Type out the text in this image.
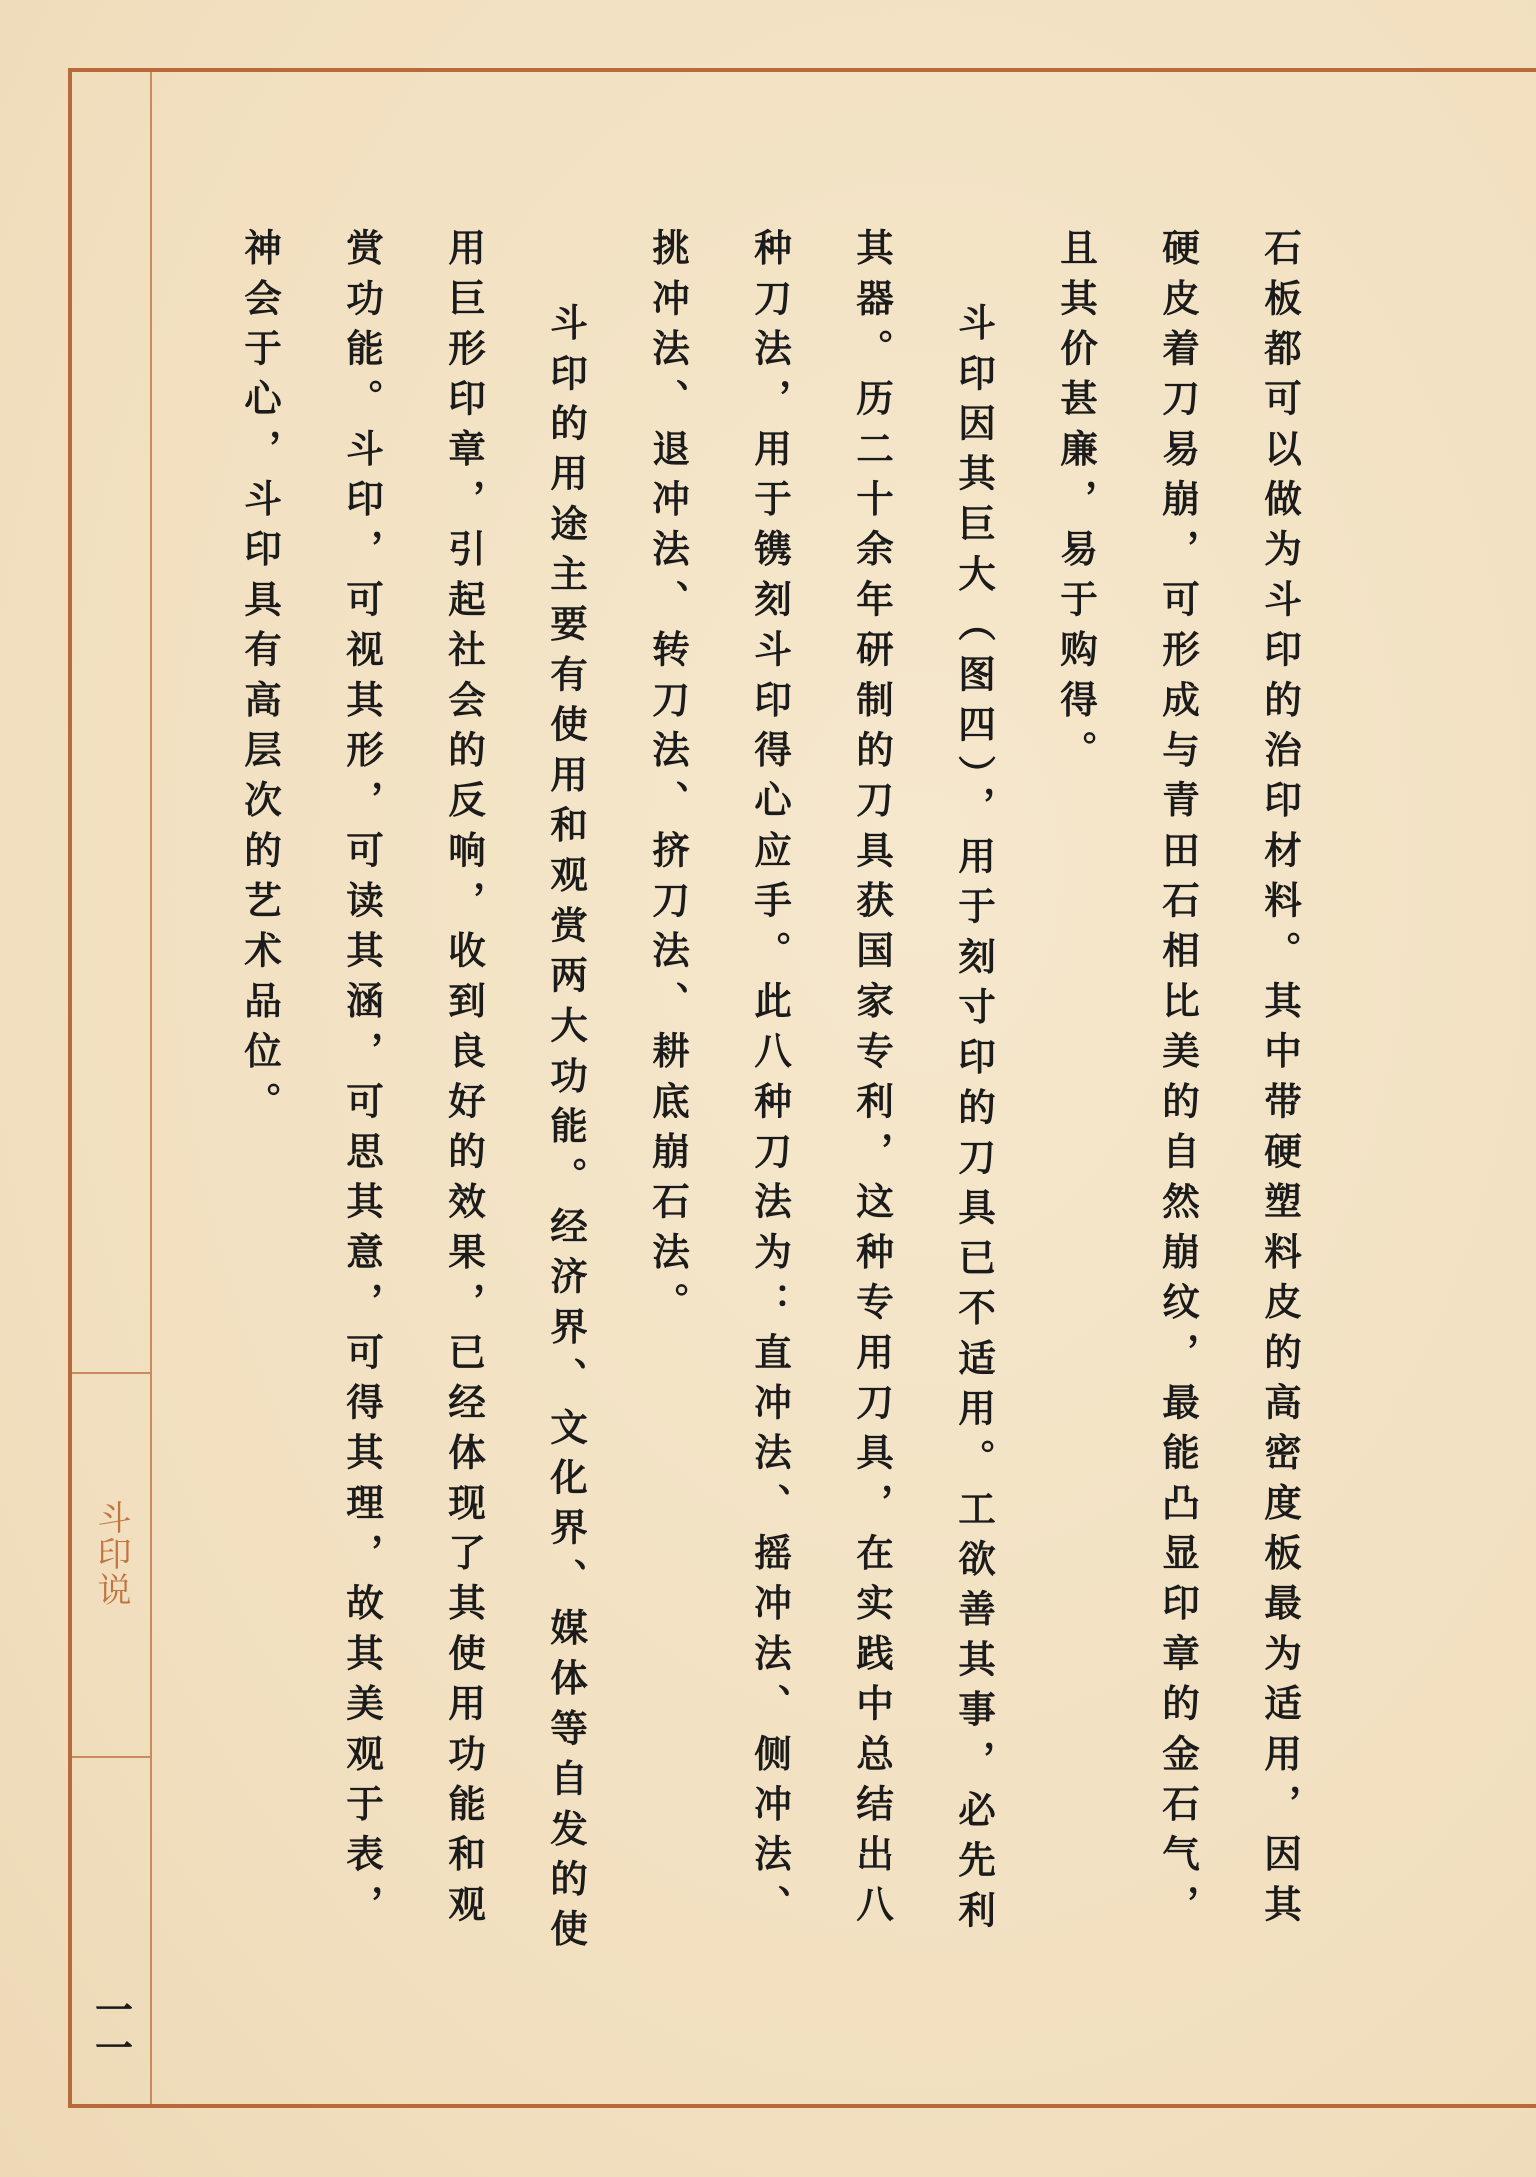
斗印说
一一

石板都可以做为斗印的治印材料。其中带硬塑料皮的高密度板最为适用，因其硬皮着刀易崩，可形成与青田石相比美的自然崩纹，最能凸显印章的金石气，且其价甚廉，易于购得。

斗印因其巨大（图四），用于刻寸印的刀具已不适用。工欲善其事，必先利其器。历二十余年研制的刀具获国家专利，这种专用刀具，在实践中总结出八种刀法，用于镌刻斗印得心应手。此八种刀法为：直冲法、摇冲法、侧冲法、挑冲法、退冲法、转刀法、挤刀法、耕底崩石法。

斗印的用途主要有使用和观赏两大功能。经济界、文化界、媒体等自发的使用巨形印章，引起社会的反响，收到良好的效果，已经体现了其使用功能和观赏功能。斗印，可视其形，可读其涵，可思其意，可得其理，故其美观于表，神会于心，斗印具有高层次的艺术品位。
